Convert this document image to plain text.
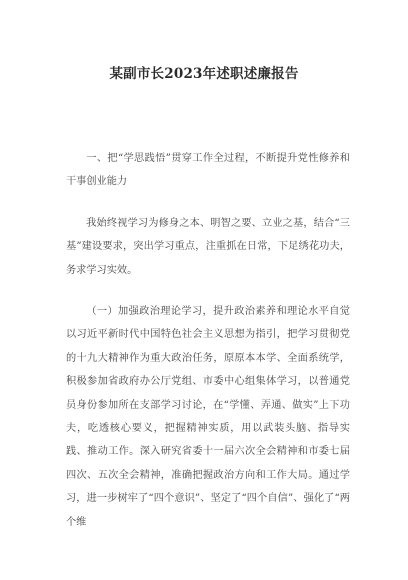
某副市长2023年述职述廉报告

一、把“学思践悟”贯穿工作全过程，不断提升党性修养和干事创业能力

我始终视学习为修身之本、明智之要、立业之基，结合“三基”建设要求，突出学习重点，注重抓在日常，下足绣花功夫，务求学习实效。

（一）加强政治理论学习，提升政治素养和理论水平自觉以习近平新时代中国特色社会主义思想为指引，把学习贯彻党的十九大精神作为重大政治任务，原原本本学、全面系统学，积极参加省政府办公厅党组、市委中心组集体学习，以普通党员身份参加所在支部学习讨论，在“学懂、弄通、做实”上下功夫，吃透核心要义，把握精神实质，用以武装头脑、指导实践、推动工作。深入研究省委十一届六次全会精神和市委七届四次、五次全会精神，准确把握政治方向和工作大局。通过学习，进一步树牢了“四个意识”、坚定了“四个自信”、强化了“两个维
